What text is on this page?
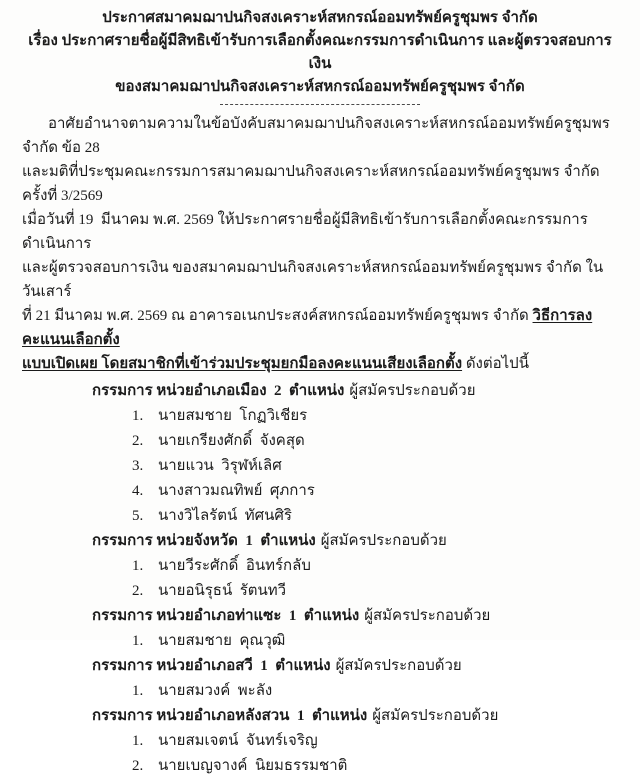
ประกาศสมาคมฌาปนกิจสงเคราะห์สหกรณ์ออมทรัพย์ครูชุมพร จำกัด
เรื่อง ประกาศรายชื่อผู้มีสิทธิเข้ารับการเลือกตั้งคณะกรรมการดำเนินการ และผู้ตรวจสอบการเงิน
ของสมาคมฌาปนกิจสงเคราะห์สหกรณ์ออมทรัพย์ครูชุมพร จำกัด
อาศัยอำนาจตามความในข้อบังคับสมาคมฌาปนกิจสงเคราะห์สหกรณ์ออมทรัพย์ครูชุมพร จำกัด ข้อ 28
และมติที่ประชุมคณะกรรมการสมาคมฌาปนกิจสงเคราะห์สหกรณ์ออมทรัพย์ครูชุมพร จำกัด ครั้งที่ 3/2569
เมื่อวันที่ 19  มีนาคม พ.ศ. 2569 ให้ประกาศรายชื่อผู้มีสิทธิเข้ารับการเลือกตั้งคณะกรรมการดำเนินการ
และผู้ตรวจสอบการเงิน ของสมาคมฌาปนกิจสงเคราะห์สหกรณ์ออมทรัพย์ครูชุมพร จำกัด ใน วันเสาร์
ที่ 21 มีนาคม พ.ศ. 2569 ณ อาคารอเนกประสงค์สหกรณ์ออมทรัพย์ครูชุมพร จำกัด วิธีการลงคะแนนเลือกตั้ง
แบบเปิดเผย โดยสมาชิกที่เข้าร่วมประชุมยกมือลงคะแนนเสียงเลือกตั้ง ดังต่อไปนี้
กรรมการ หน่วยอำเภอเมือง  2  ตำแหน่ง ผู้สมัครประกอบด้วย
1. นายสมชาย  โกฏวิเชียร
2. นายเกรียงศักดิ์  จังคสุด
3. นายแวน  วิรุฬห์เลิศ
4. นางสาวมณทิพย์  ศุภการ
5. นางวิไลรัตน์  ทัศนศิริ
กรรมการ หน่วยจังหวัด  1  ตำแหน่ง ผู้สมัครประกอบด้วย
1. นายวีระศักดิ์  อินทร์กลับ
2. นายอนิรุธน์  รัตนทวี
กรรมการ หน่วยอำเภอท่าแซะ  1  ตำแหน่ง ผู้สมัครประกอบด้วย
1. นายสมชาย  คุณวุฒิ
กรรมการ หน่วยอำเภอสวี  1  ตำแหน่ง ผู้สมัครประกอบด้วย
1. นายสมวงค์  พะลัง
กรรมการ หน่วยอำเภอหลังสวน  1  ตำแหน่ง ผู้สมัครประกอบด้วย
1. นายสมเจตน์  จันทร์เจริญ
2. นายเบญจางค์  นิยมธรรมชาติ
